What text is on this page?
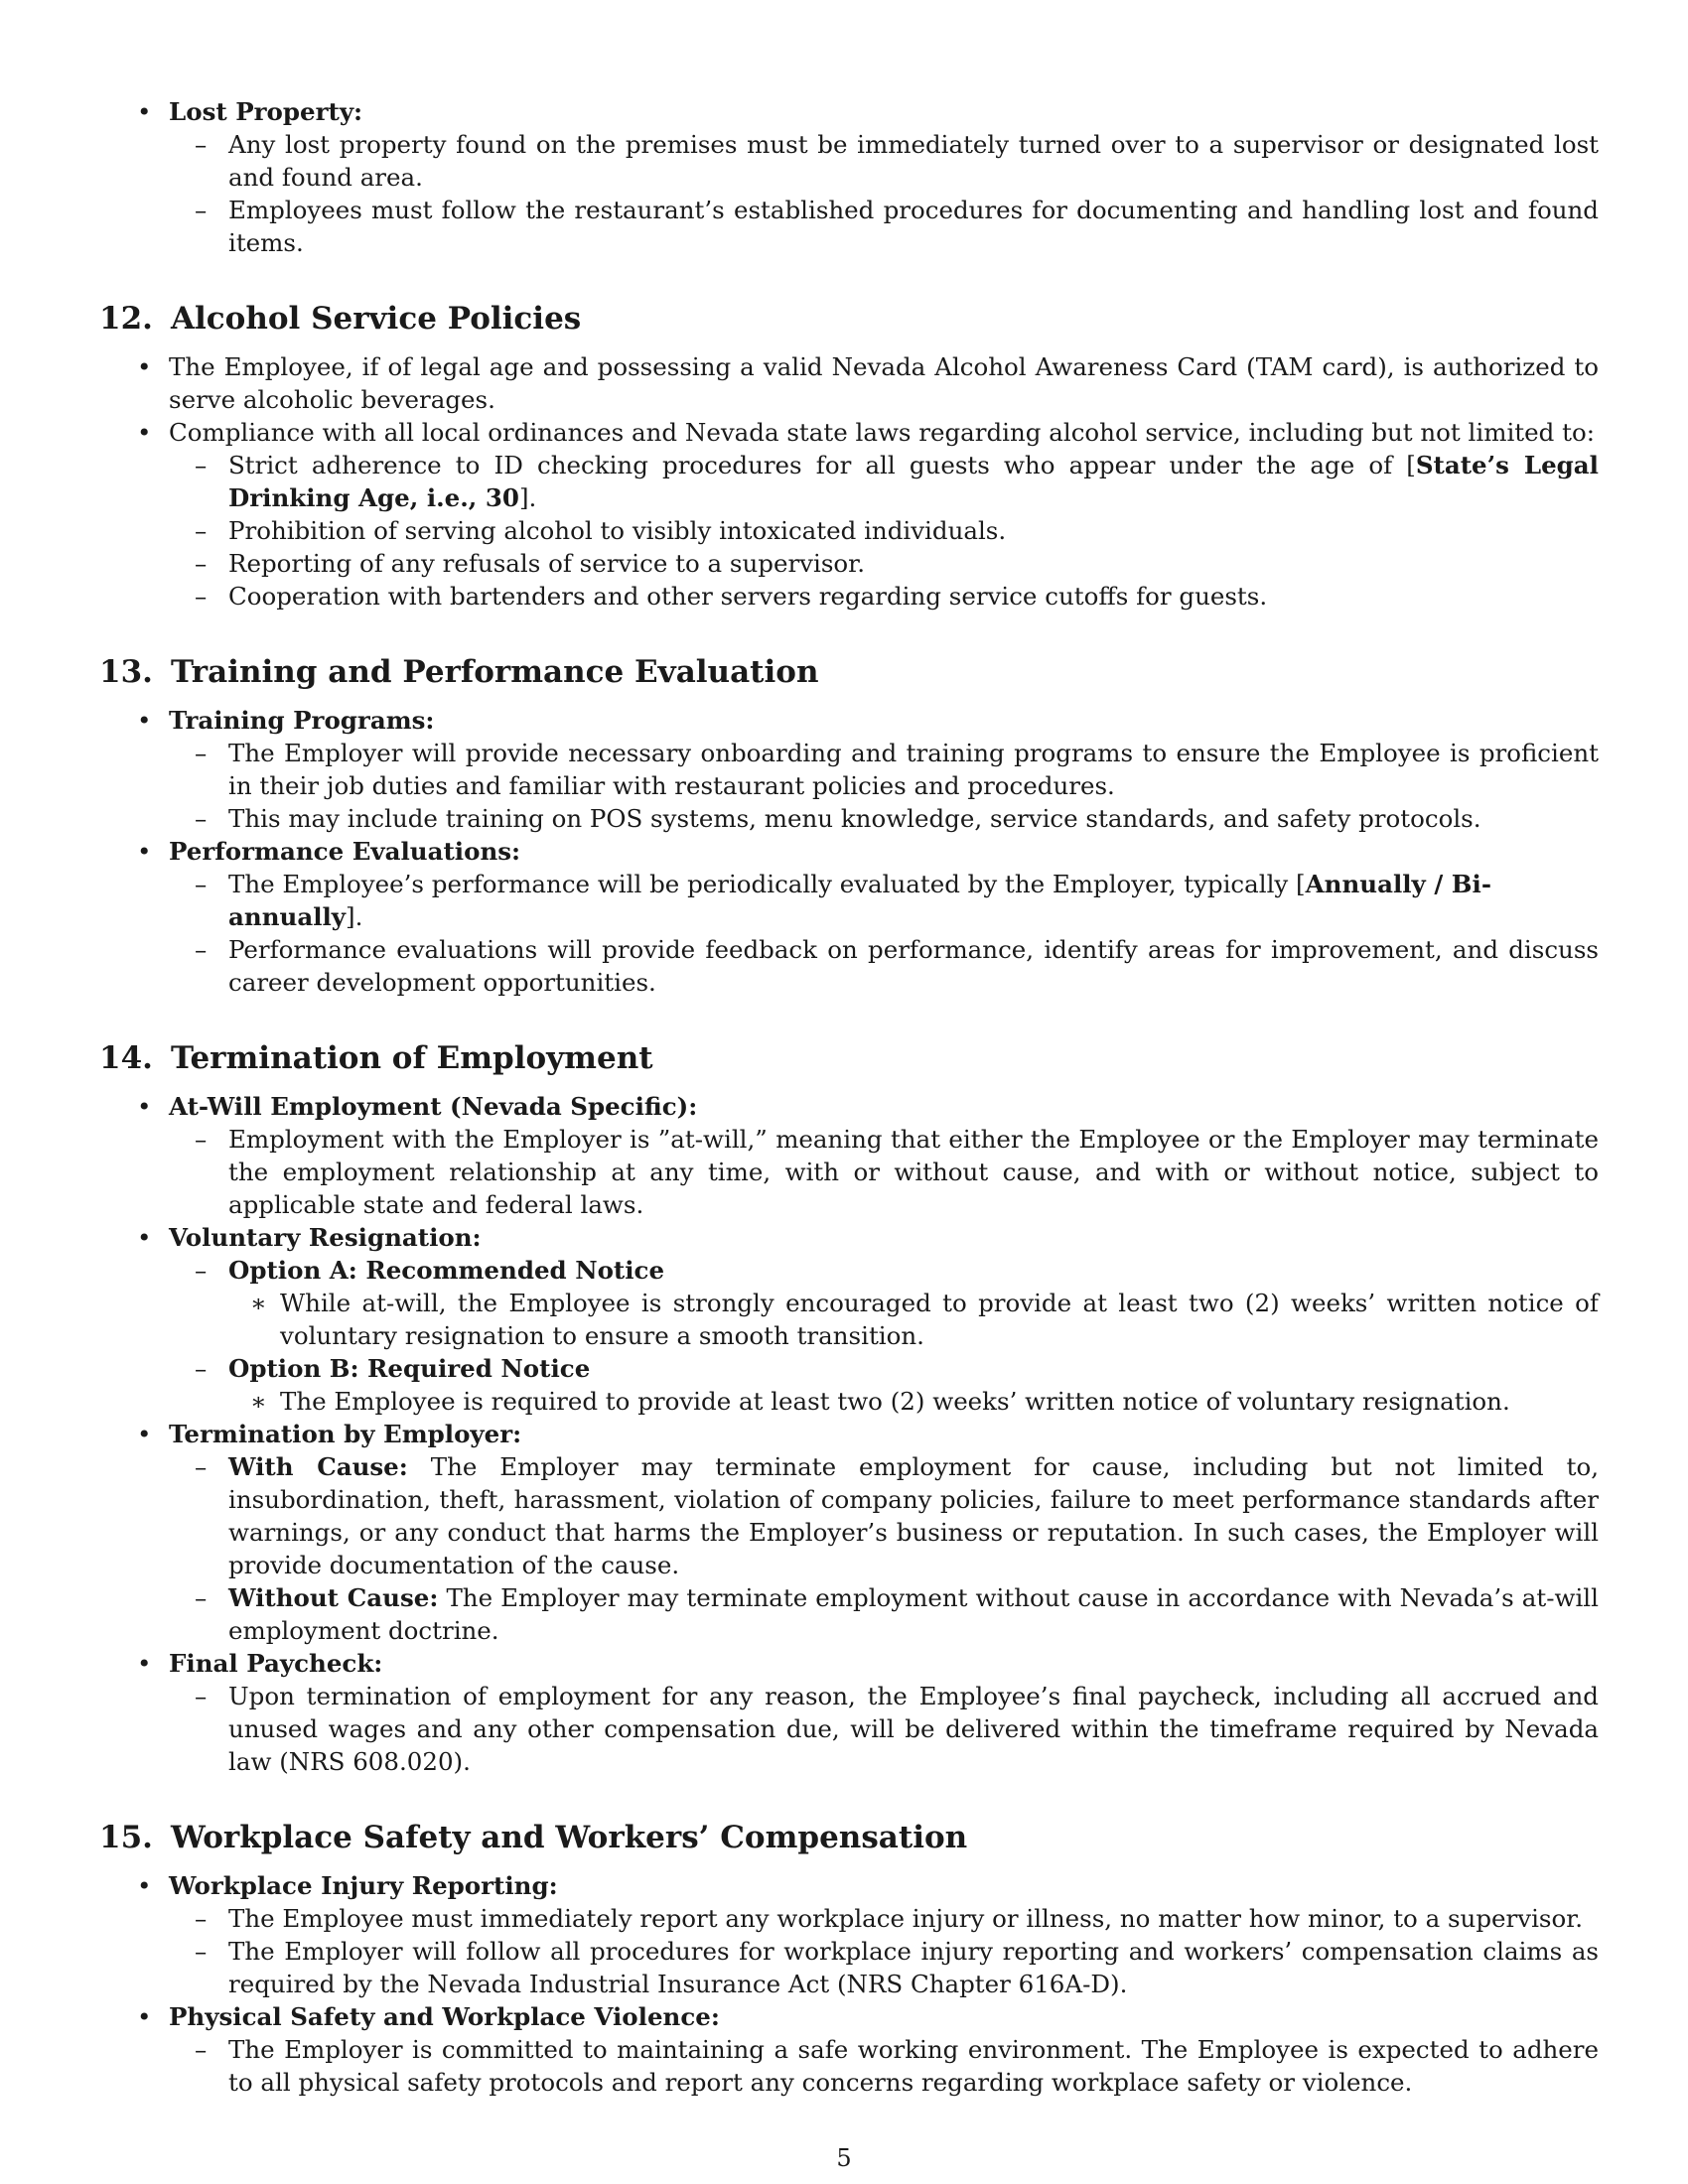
• Lost Property:
– Any lost property found on the premises must be immediately turned over to a supervisor or designated lost and found area.
– Employees must follow the restaurant’s established procedures for documenting and handling lost and found items.
12. Alcohol Service Policies
• The Employee, if of legal age and possessing a valid Nevada Alcohol Awareness Card (TAM card), is authorized to serve alcoholic beverages.
• Compliance with all local ordinances and Nevada state laws regarding alcohol service, including but not limited to:
– Strict adherence to ID checking procedures for all guests who appear under the age of [State’s Legal Drinking Age, i.e., 30].
– Prohibition of serving alcohol to visibly intoxicated individuals.
– Reporting of any refusals of service to a supervisor.
– Cooperation with bartenders and other servers regarding service cutoffs for guests.
13. Training and Performance Evaluation
• Training Programs:
– The Employer will provide necessary onboarding and training programs to ensure the Employee is proficient in their job duties and familiar with restaurant policies and procedures.
– This may include training on POS systems, menu knowledge, service standards, and safety protocols.
• Performance Evaluations:
– The Employee’s performance will be periodically evaluated by the Employer, typically [Annually / Bi-annually].
– Performance evaluations will provide feedback on performance, identify areas for improvement, and discuss career development opportunities.
14. Termination of Employment
• At-Will Employment (Nevada Specific):
– Employment with the Employer is ”at-will,” meaning that either the Employee or the Employer may terminate the employment relationship at any time, with or without cause, and with or without notice, subject to applicable state and federal laws.
• Voluntary Resignation:
– Option A: Recommended Notice
∗ While at-will, the Employee is strongly encouraged to provide at least two (2) weeks’ written notice of voluntary resignation to ensure a smooth transition.
– Option B: Required Notice
∗ The Employee is required to provide at least two (2) weeks’ written notice of voluntary resignation.
• Termination by Employer:
– With Cause: The Employer may terminate employment for cause, including but not limited to, insubordination, theft, harassment, violation of company policies, failure to meet performance standards after warnings, or any conduct that harms the Employer’s business or reputation. In such cases, the Employer will provide documentation of the cause.
– Without Cause: The Employer may terminate employment without cause in accordance with Nevada’s at-will employment doctrine.
• Final Paycheck:
– Upon termination of employment for any reason, the Employee’s final paycheck, including all accrued and unused wages and any other compensation due, will be delivered within the timeframe required by Nevada law (NRS 608.020).
15. Workplace Safety and Workers’ Compensation
• Workplace Injury Reporting:
– The Employee must immediately report any workplace injury or illness, no matter how minor, to a supervisor.
– The Employer will follow all procedures for workplace injury reporting and workers’ compensation claims as required by the Nevada Industrial Insurance Act (NRS Chapter 616A-D).
• Physical Safety and Workplace Violence:
– The Employer is committed to maintaining a safe working environment. The Employee is expected to adhere to all physical safety protocols and report any concerns regarding workplace safety or violence.
5
